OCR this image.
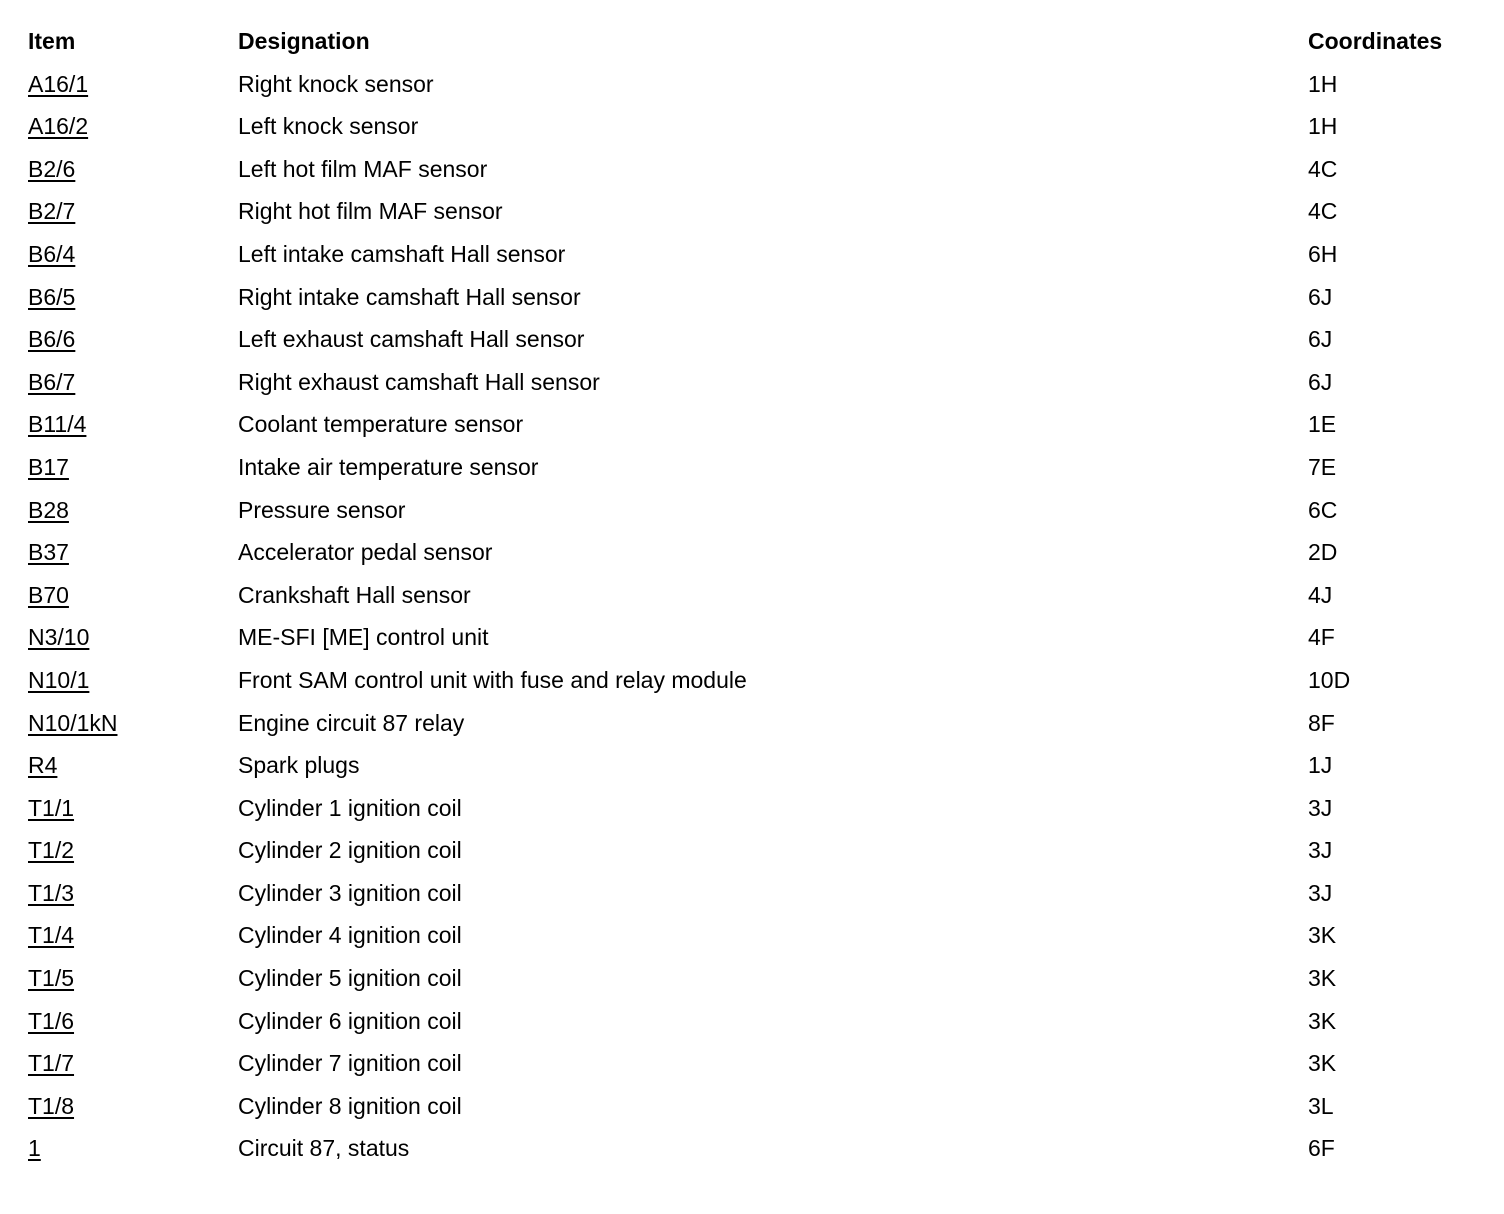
Item	Designation	Coordinates
A16/1	Right knock sensor	1H
A16/2	Left knock sensor	1H
B2/6	Left hot film MAF sensor	4C
B2/7	Right hot film MAF sensor	4C
B6/4	Left intake camshaft Hall sensor	6H
B6/5	Right intake camshaft Hall sensor	6J
B6/6	Left exhaust camshaft Hall sensor	6J
B6/7	Right exhaust camshaft Hall sensor	6J
B11/4	Coolant temperature sensor	1E
B17	Intake air temperature sensor	7E
B28	Pressure sensor	6C
B37	Accelerator pedal sensor	2D
B70	Crankshaft Hall sensor	4J
N3/10	ME-SFI [ME] control unit	4F
N10/1	Front SAM control unit with fuse and relay module	10D
N10/1kN	Engine circuit 87 relay	8F
R4	Spark plugs	1J
T1/1	Cylinder 1 ignition coil	3J
T1/2	Cylinder 2 ignition coil	3J
T1/3	Cylinder 3 ignition coil	3J
T1/4	Cylinder 4 ignition coil	3K
T1/5	Cylinder 5 ignition coil	3K
T1/6	Cylinder 6 ignition coil	3K
T1/7	Cylinder 7 ignition coil	3K
T1/8	Cylinder 8 ignition coil	3L
1	Circuit 87, status	6F
